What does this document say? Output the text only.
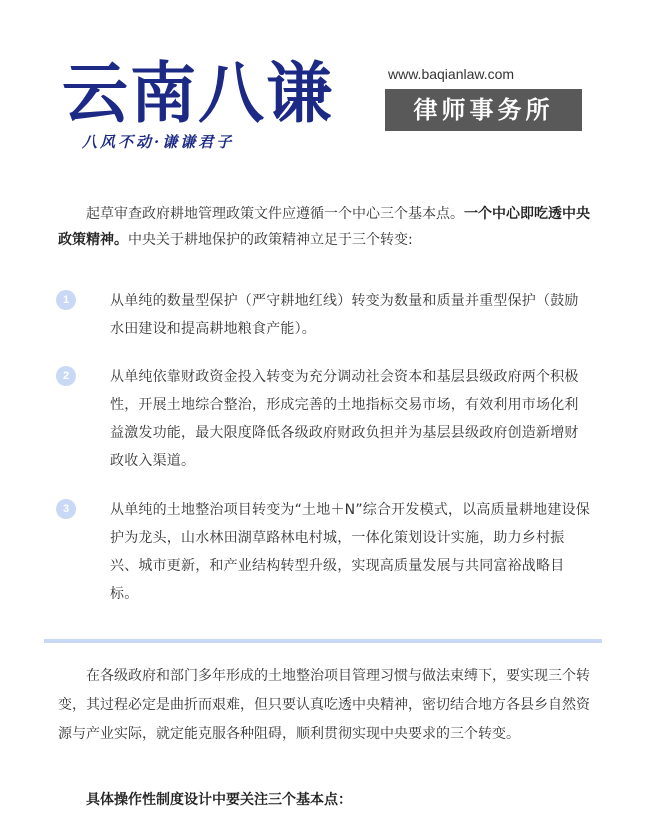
云南八谦
八风不动·谦谦君子
www.baqianlaw.com
律师事务所
起草审查政府耕地管理政策文件应遵循一个中心三个基本点。一个中心即吃透中央政策精神。中央关于耕地保护的政策精神立足于三个转变:
1	从单纯的数量型保护（严守耕地红线）转变为数量和质量并重型保护（鼓励水田建设和提高耕地粮食产能）。
2	从单纯依靠财政资金投入转变为充分调动社会资本和基层县级政府两个积极性，开展土地综合整治，形成完善的土地指标交易市场，有效利用市场化利益激发功能，最大限度降低各级政府财政负担并为基层县级政府创造新增财政收入渠道。
3	从单纯的土地整治项目转变为“土地＋N”综合开发模式，以高质量耕地建设保护为龙头，山水林田湖草路林电村城，一体化策划设计实施，助力乡村振兴、城市更新，和产业结构转型升级，实现高质量发展与共同富裕战略目标。
在各级政府和部门多年形成的土地整治项目管理习惯与做法束缚下，要实现三个转变，其过程必定是曲折而艰难，但只要认真吃透中央精神，密切结合地方各县乡自然资源与产业实际，就定能克服各种阻碍，顺利贯彻实现中央要求的三个转变。
具体操作性制度设计中要关注三个基本点：
